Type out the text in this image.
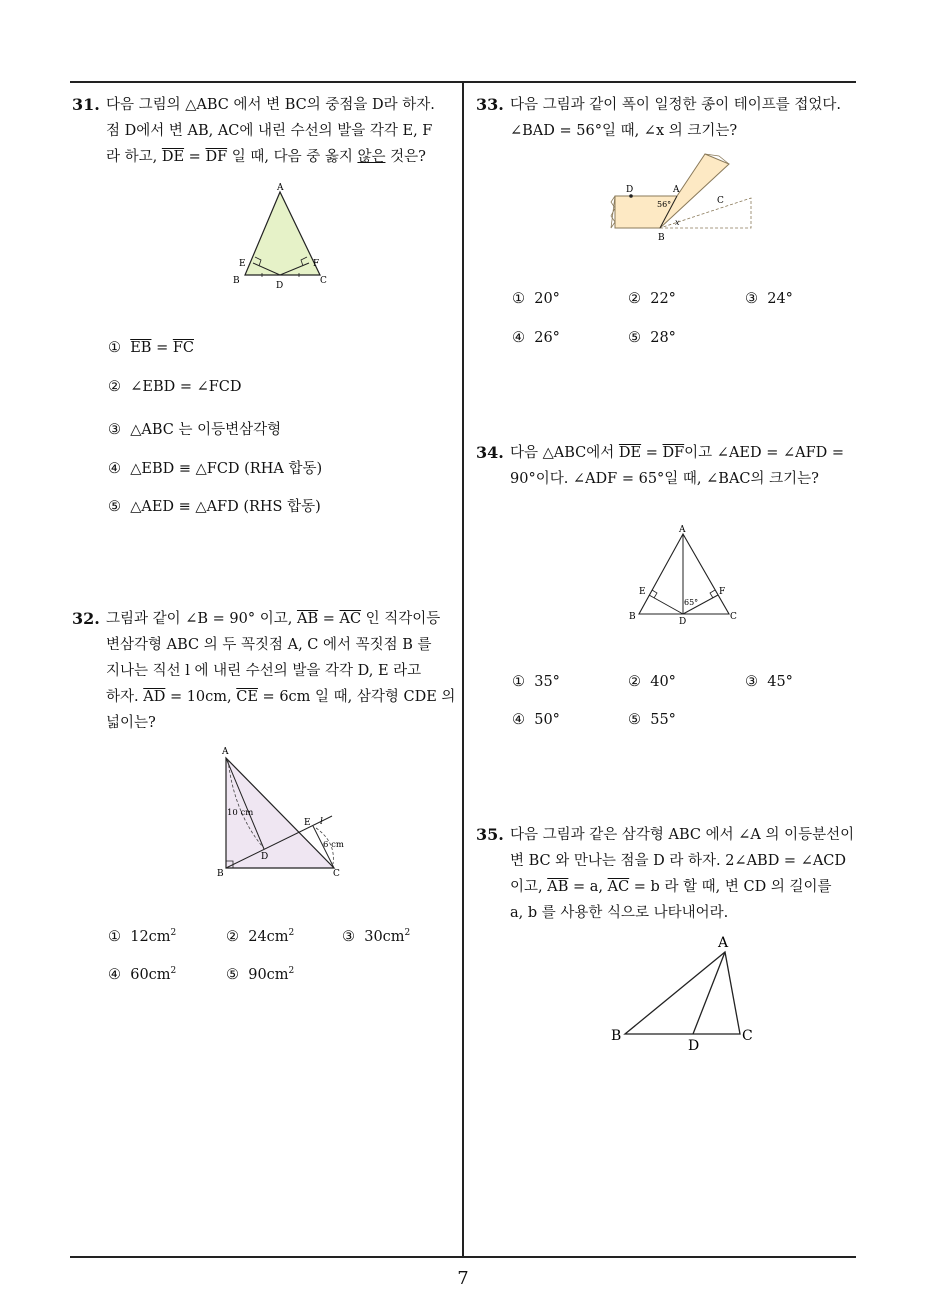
31. 다음 그림의 △ABC 에서 변 BC의 중점을 D라 하자.
점 D에서 변 AB, AC에 내린 수선의 발을 각각 E, F
라 하고, $\overline{DE} = \overline{DF}$ 일 때, 다음 중 옳지 않은 것은?
A
B	C
D
E	F
① $\overline{EB} = \overline{FC}$
② ∠EBD = ∠FCD
③ △ABC 는 이등변삼각형
④ △EBD ≡ △FCD (RHA 합동)
⑤ △AED ≡ △AFD (RHS 합동)
32. 그림과 같이 ∠B = 90° 이고, $\overline{AB} = \overline{AC}$ 인 직각이등
변삼각형 ABC 의 두 꼭짓점 A, C 에서 꼭짓점 B 를
지나는 직선 l 에 내린 수선의 발을 각각 D, E 라고
하자. $\overline{AD} = 10cm$, $\overline{CE} = 6cm$ 일 때, 삼각형 CDE 의
넓이는?
A
B	C
D
E l
10 cm
6 cm
① $12cm^2$	② $24cm^2$	③ $30cm^2$
④ $60cm^2$	⑤ $90cm^2$
33. 다음 그림과 같이 폭이 일정한 종이 테이프를 접었다.
∠BAD = 56°일 때, ∠x 의 크기는?
D	A
C
B
56°
x
① 20°	② 22°	③ 24°
④ 26°	⑤ 28°
34. 다음 △ABC에서 $\overline{DE} = \overline{DF}$이고 ∠AED = ∠AFD =
90°이다. ∠ADF = 65°일 때, ∠BAC의 크기는?
A
B	C
D
E	F
65°
① 35°	② 40°	③ 45°
④ 50°	⑤ 55°
35. 다음 그림과 같은 삼각형 ABC 에서 ∠A 의 이등분선이
변 BC 와 만나는 점을 D 라 하자. 2∠ABD = ∠ACD
이고, $\overline{AB} = a$, $\overline{AC} = b$ 라 할 때, 변 CD 의 길이를
a, b 를 사용한 식으로 나타내어라.
A
B	C
D
7
